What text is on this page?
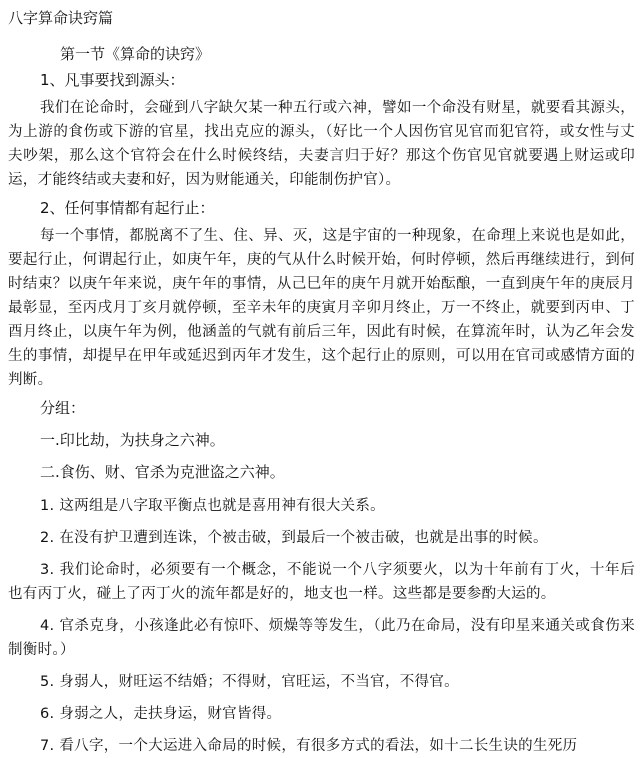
八字算命诀窍篇
第一节《算命的诀窍》
1、凡事要找到源头：

我们在论命时，会碰到八字缺欠某一种五行或六神，譬如一个命没有财星，就要看其源头，为上游的食伤或下游的官星，找出克应的源头，（好比一个人因伤官见官而犯官符，或女性与丈夫吵架，那么这个官符会在什么时候终结，夫妻言归于好？那这个伤官见官就要遇上财运或印运，才能终结或夫妻和好，因为财能通关，印能制伤护官）。

2、任何事情都有起行止：

每一个事情，都脱离不了生、住、异、灭，这是宇宙的一种现象，在命理上来说也是如此，要起行止，何谓起行止，如庚午年，庚的气从什么时候开始，何时停顿，然后再继续进行，到何时结束？以庚午年来说，庚午年的事情，从己巳年的庚午月就开始酝酿，一直到庚午年的庚辰月最彰显，至丙戌月丁亥月就停顿，至辛未年的庚寅月辛卯月终止，万一不终止，就要到丙申、丁酉月终止，以庚午年为例，他涵盖的气就有前后三年，因此有时候，在算流年时，认为乙年会发生的事情，却提早在甲年或延迟到丙年才发生，这个起行止的原则，可以用在官司或感情方面的判断。

分组：
一.印比劫，为扶身之六神。
二.食伤、财、官杀为克泄盗之六神。

1. 这两组是八字取平衡点也就是喜用神有很大关系。

2. 在没有护卫遭到连诛，个被击破，到最后一个被击破，也就是出事的时候。

3. 我们论命时，必须要有一个概念，不能说一个八字须要火，以为十年前有丁火，十年后也有丙丁火，碰上了丙丁火的流年都是好的，地支也一样。这些都是要参酌大运的。

4. 官杀克身，小孩逢此必有惊吓、烦燥等等发生，（此乃在命局，没有印星来通关或食伤来制衡时。）

5. 身弱人，财旺运不结婚；不得财，官旺运，不当官，不得官。

6. 身弱之人，走扶身运，财官皆得。

7. 看八字，一个大运进入命局的时候，有很多方式的看法，如十二长生诀的生死历
